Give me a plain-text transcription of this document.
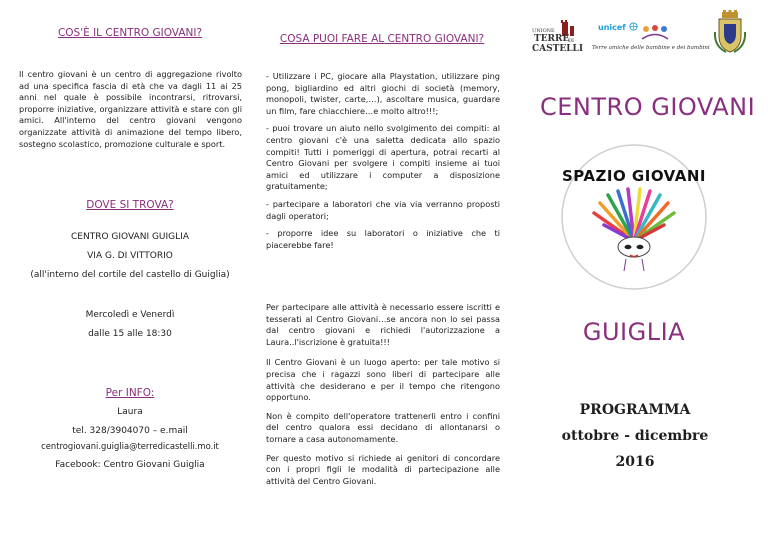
COS'È IL CENTRO GIOVANI?
Il centro giovani è un centro di aggregazione rivolto ad una specifica fascia di età che va dagli 11 ai 25 anni nel quale è possibile incontrarsi, ritrovarsi, proporre iniziative, organizzare attività e stare con gli amici. All'interno del centro giovani vengono organizzate attività di animazione del tempo libero, sostegno scolastico, promozione culturale e sport.
DOVE SI TROVA?
CENTRO GIOVANI GUIGLIA
VIA G. DI VITTORIO
(all'interno del cortile del castello di Guiglia)
Mercoledì e Venerdì
dalle 15 alle 18:30
Per INFO:
Laura
tel. 328/3904070 – e.mail
centrogiovani.guiglia@terredicastelli.mo.it
Facebook: Centro Giovani Guiglia
COSA PUOI FARE AL CENTRO GIOVANI?

- Utilizzare i PC, giocare alla Playstation, utilizzare ping pong, bigliardino ed altri giochi di società (memory, monopoli, twister, carte,…), ascoltare musica, guardare un film, fare chiacchiere…e molto altro!!!;

- puoi trovare un aiuto nello svolgimento dei compiti: al centro giovani c'è una saletta dedicata allo spazio compiti! Tutti i pomeriggi di apertura, potrai recarti al Centro Giovani per svolgere i compiti insieme ai tuoi amici ed utilizzare i computer a disposizione gratuitamente;

- partecipare a laboratori che via via verranno proposti dagli operatori;

- proporre idee su laboratori o iniziative che ti piacerebbe fare!

Per partecipare alle attività è necessario essere iscritti e tesserati al Centro Giovani…se ancora non lo sei passa dal centro giovani e richiedi l'autorizzazione a Laura..l'iscrizione è gratuita!!!

Il Centro Giovani è un luogo aperto: per tale motivo si precisa che i ragazzi sono liberi di partecipare alle attività che desiderano e per il tempo che ritengono opportuno.

Non è compito dell'operatore trattenerli entro i confini del centro qualora essi decidano di allontanarsi o tornare a casa autonomamente.

Per questo motivo si richiede ai genitori di concordare con i propri figli le modalità di partecipazione alle attività del Centro Giovani.

UNIONE
TERRE
DI
CASTELLI
unicef
Terre amiche delle bambine e dei bambini
CENTRO GIOVANI
SPAZIO GIOVANI
GUIGLIA
PROGRAMMA
ottobre - dicembre
2016
